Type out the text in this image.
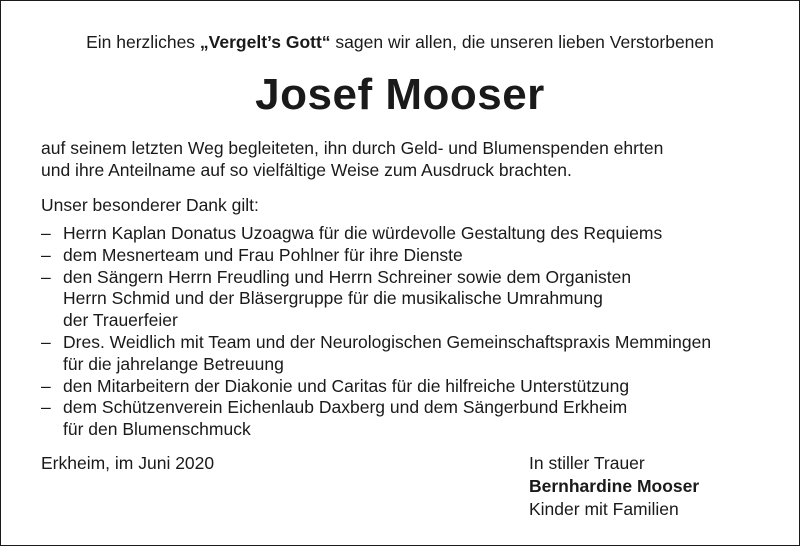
Ein herzliches „Vergelt’s Gott“ sagen wir allen, die unseren lieben Verstorbenen
Josef Mooser

auf seinem letzten Weg begleiteten, ihn durch Geld- und Blumenspenden ehrten

und ihre Anteilname auf so vielfältige Weise zum Ausdruck brachten.

Unser besonderer Dank gilt:
– Herrn Kaplan Donatus Uzoagwa für die würdevolle Gestaltung des Requiems
– dem Mesnerteam und Frau Pohlner für ihre Dienste
– den Sängern Herrn Freudling und Herrn Schreiner sowie dem Organisten
Herrn Schmid und der Bläsergruppe für die musikalische Umrahmung
der Trauerfeier
– Dres. Weidlich mit Team und der Neurologischen Gemeinschaftspraxis Memmingen
für die jahrelange Betreuung
– den Mitarbeitern der Diakonie und Caritas für die hilfreiche Unterstützung
– dem Schützenverein Eichenlaub Daxberg und dem Sängerbund Erkheim
für den Blumenschmuck
Erkheim, im Juni 2020	In stiller Trauer
Bernhardine Mooser
Kinder mit Familien
